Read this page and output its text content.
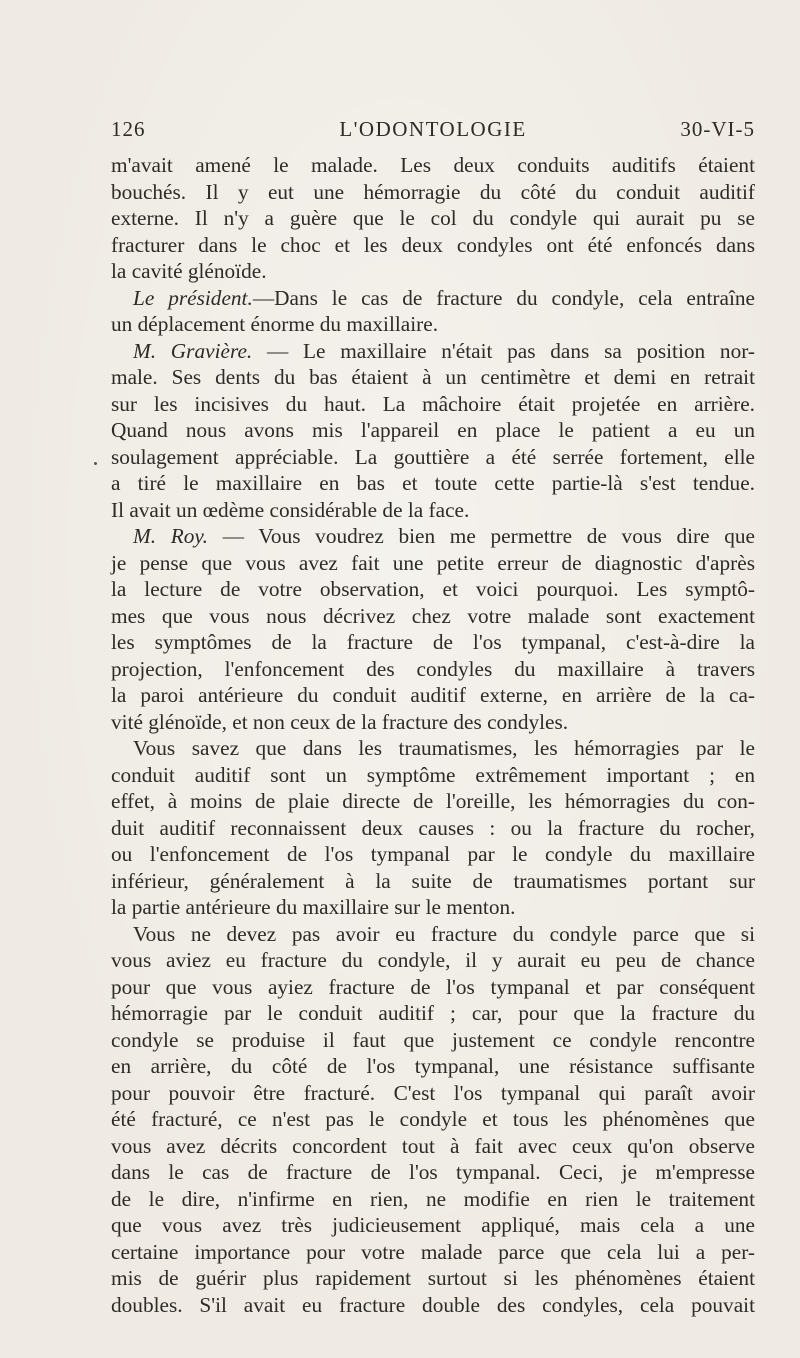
126	L'ODONTOLOGIE	30-VI-5
m'avait amené le malade. Les deux conduits auditifs étaient
bouchés. Il y eut une hémorragie du côté du conduit auditif
externe. Il n'y a guère que le col du condyle qui aurait pu se
fracturer dans le choc et les deux condyles ont été enfoncés dans
la cavité glénoïde.
Le président.—Dans le cas de fracture du condyle, cela entraîne
un déplacement énorme du maxillaire.
M. Gravière. — Le maxillaire n'était pas dans sa position nor-
male. Ses dents du bas étaient à un centimètre et demi en retrait
sur les incisives du haut. La mâchoire était projetée en arrière.
Quand nous avons mis l'appareil en place le patient a eu un
soulagement appréciable. La gouttière a été serrée fortement, elle
a tiré le maxillaire en bas et toute cette partie-là s'est tendue.
Il avait un œdème considérable de la face.
M. Roy. — Vous voudrez bien me permettre de vous dire que
je pense que vous avez fait une petite erreur de diagnostic d'après
la lecture de votre observation, et voici pourquoi. Les symptô-
mes que vous nous décrivez chez votre malade sont exactement
les symptômes de la fracture de l'os tympanal, c'est-à-dire la
projection, l'enfoncement des condyles du maxillaire à travers
la paroi antérieure du conduit auditif externe, en arrière de la ca-
vité glénoïde, et non ceux de la fracture des condyles.
Vous savez que dans les traumatismes, les hémorragies par le
conduit auditif sont un symptôme extrêmement important ; en
effet, à moins de plaie directe de l'oreille, les hémorragies du con-
duit auditif reconnaissent deux causes : ou la fracture du rocher,
ou l'enfoncement de l'os tympanal par le condyle du maxillaire
inférieur, généralement à la suite de traumatismes portant sur
la partie antérieure du maxillaire sur le menton.
Vous ne devez pas avoir eu fracture du condyle parce que si
vous aviez eu fracture du condyle, il y aurait eu peu de chance
pour que vous ayiez fracture de l'os tympanal et par conséquent
hémorragie par le conduit auditif ; car, pour que la fracture du
condyle se produise il faut que justement ce condyle rencontre
en arrière, du côté de l'os tympanal, une résistance suffisante
pour pouvoir être fracturé. C'est l'os tympanal qui paraît avoir
été fracturé, ce n'est pas le condyle et tous les phénomènes que
vous avez décrits concordent tout à fait avec ceux qu'on observe
dans le cas de fracture de l'os tympanal. Ceci, je m'empresse
de le dire, n'infirme en rien, ne modifie en rien le traitement
que vous avez très judicieusement appliqué, mais cela a une
certaine importance pour votre malade parce que cela lui a per-
mis de guérir plus rapidement surtout si les phénomènes étaient
doubles. S'il avait eu fracture double des condyles, cela pouvait
